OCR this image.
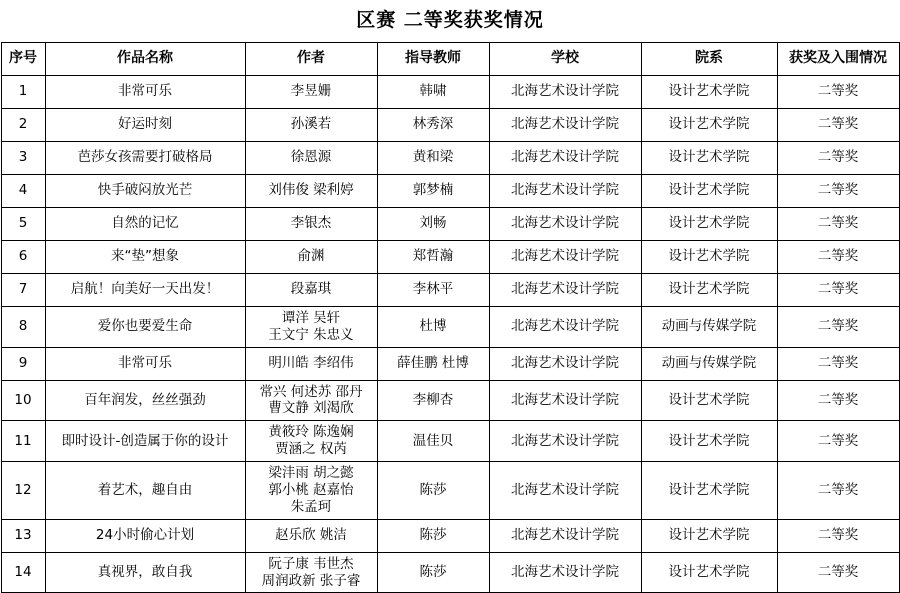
区赛 二等奖获奖情况
序号	作品名称	作者	指导教师	学校	院系	获奖及入围情况
1	非常可乐	李昱姗	韩啸	北海艺术设计学院	设计艺术学院	二等奖
2	好运时刻	孙溪若	林秀深	北海艺术设计学院	设计艺术学院	二等奖
3	芭莎女孩需要打破格局	徐恩源	黄和梁	北海艺术设计学院	设计艺术学院	二等奖
4	快手破闷放光芒	刘伟俊 梁利婷	郭梦楠	北海艺术设计学院	设计艺术学院	二等奖
5	自然的记忆	李银杰	刘畅	北海艺术设计学院	设计艺术学院	二等奖
6	来“垫”想象	俞渊	郑哲瀚	北海艺术设计学院	设计艺术学院	二等奖
7	启航！向美好一天出发！	段嘉琪	李林平	北海艺术设计学院	设计艺术学院	二等奖
8	爱你也要爱生命	谭洋 吴轩
王文宁 朱忠义	杜博	北海艺术设计学院	动画与传媒学院	二等奖
9	非常可乐	明川皓 李绍伟	薛佳鹏 杜博	北海艺术设计学院	动画与传媒学院	二等奖
10	百年润发，丝丝强劲	常兴 何述苏 邵丹
曹文静 刘渴欣	李柳杏	北海艺术设计学院	设计艺术学院	二等奖
11	即时设计-创造属于你的设计	黄筱玲 陈逸娴
贾涵之 权芮	温佳贝	北海艺术设计学院	设计艺术学院	二等奖
12	着艺术，趣自由	梁沣雨 胡之懿
郭小桃 赵嘉怡
朱孟珂	陈莎	北海艺术设计学院	设计艺术学院	二等奖
13	24小时偷心计划	赵乐欣 姚洁	陈莎	北海艺术设计学院	设计艺术学院	二等奖
14	真视界，敢自我	阮子康 韦世杰
周润政新 张子睿	陈莎	北海艺术设计学院	设计艺术学院	二等奖
